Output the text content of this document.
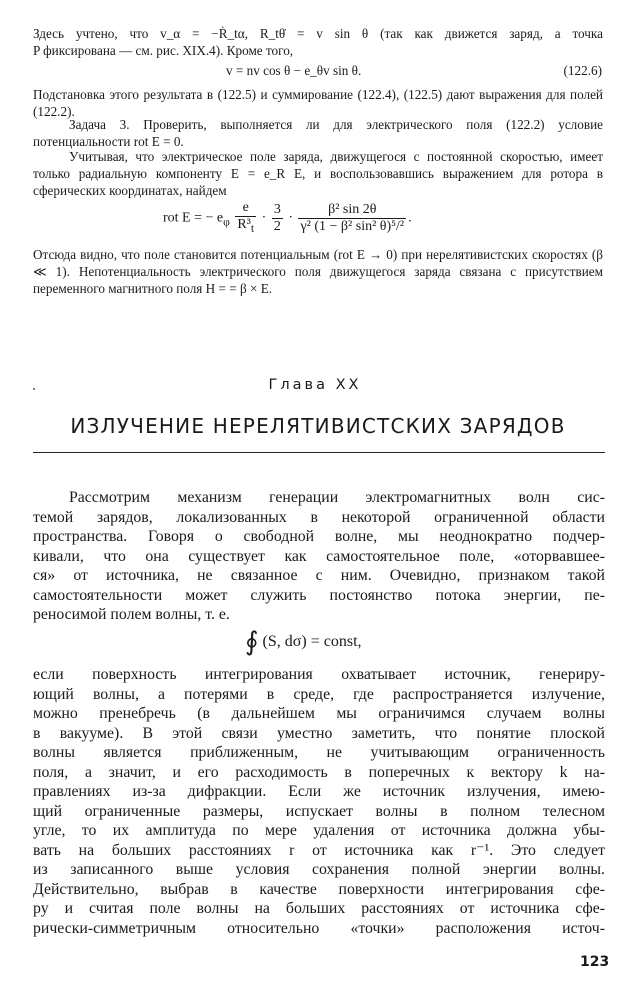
Здесь учтено, что v_α = −Ṙ_tα, R_tθ̇ = v sin θ (так как движется заряд, а точка
P фиксирована — см. рис. XIX.4). Кроме того,
v = nv cos θ − e_θv sin θ.	(122.6)
Подстановка этого результата в (122.5) и суммирование (122.4), (122.5) дают выражения для полей (122.2).
Задача 3. Проверить, выполняется ли для электрического поля (122.2) условие потенциальности rot E = 0.
Учитывая, что электрическое поле заряда, движущегося с постоянной скоростью, имеет только радиальную компоненту E = e_R E, и воспользовавшись выражением для ротора в сферических координатах, найдем
rot E = − $e_\varphi \frac{e}{R^3_t} \cdot \frac{3}{2} \cdot \frac{\text{β² sin 2θ}}{\text{γ² (1 − β² sin² θ)⁵/²}}$ .
Отсюда видно, что поле становится потенциальным (rot E → 0) при нерелятивистских скоростях (β ≪ 1). Непотенциальность электрического поля движущегося заряда связана с присутствием переменного магнитного поля H = = β × E.
Глава XX
ИЗЛУЧЕНИЕ НЕРЕЛЯТИВИСТСКИХ ЗАРЯДОВ
Рассмотрим механизм генерации электромагнитных волн сис-
темой зарядов, локализованных в некоторой ограниченной области
пространства. Говоря о свободной волне, мы неоднократно подчер-
кивали, что она существует как самостоятельное поле, «оторвавшее-
ся» от источника, не связанное с ним. Очевидно, признаком такой
самостоятельности может служить постоянство потока энергии, пе-
реносимой полем волны, т. е.
∮ (S, dσ) = const,
если поверхность интегрирования охватывает источник, генериру-
ющий волны, а потерями в среде, где распространяется излучение,
можно пренебречь (в дальнейшем мы ограничимся случаем волны
в вакууме). В этой связи уместно заметить, что понятие плоской
волны является приближенным, не учитывающим ограниченность
поля, а значит, и его расходимость в поперечных к вектору k на-
правлениях из-за дифракции. Если же источник излучения, имею-
щий ограниченные размеры, испускает волны в полном телесном
угле, то их амплитуда по мере удаления от источника должна убы-
вать на больших расстояниях r от источника как r⁻¹. Это следует
из записанного выше условия сохранения полной энергии волны.
Действительно, выбрав в качестве поверхности интегрирования сфе-
ру и считая поле волны на больших расстояниях от источника сфе-
рически-симметричным относительно «точки» расположения источ-
123
